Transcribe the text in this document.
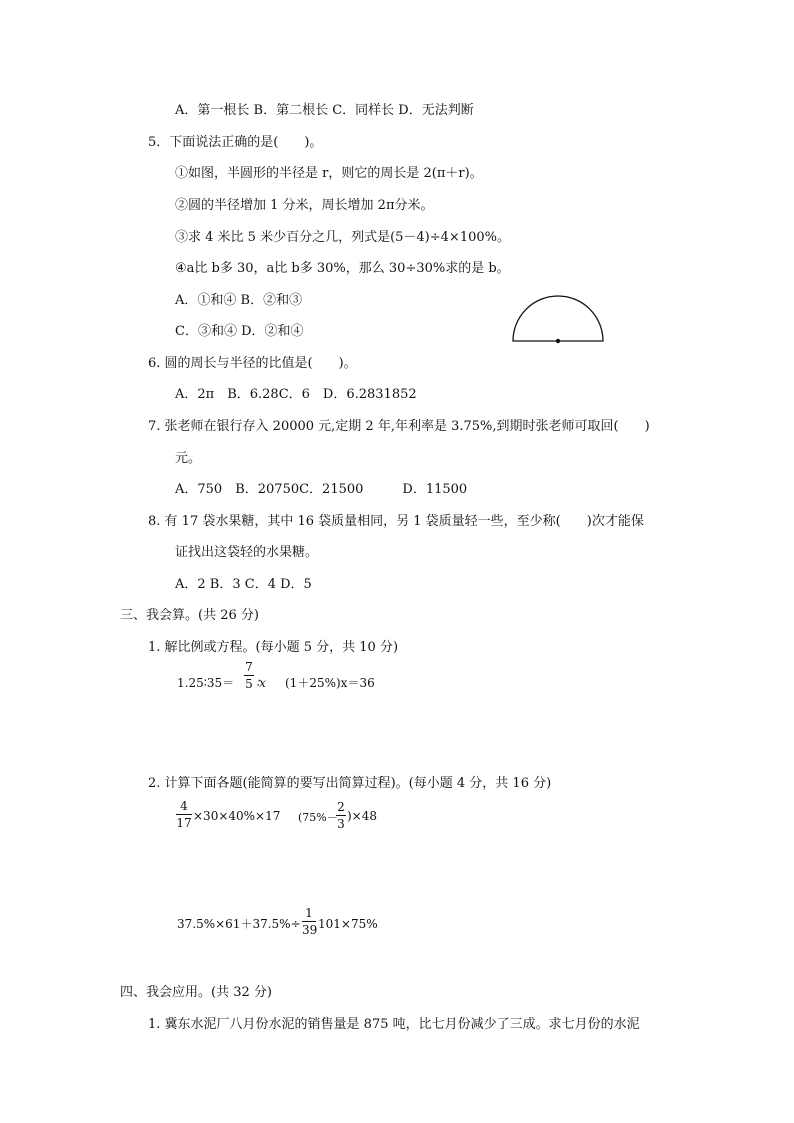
A．第一根长 B．第二根长 C．同样长 D．无法判断
5．下面说法正确的是(　　)。
①如图，半圆形的半径是 r，则它的周长是 2(π＋r)。
②圆的半径增加 1 分米，周长增加 2π分米。
③求 4 米比 5 米少百分之几，列式是(5－4)÷4×100%。
④a比 b多 30，a比 b多 30%，那么 30÷30%求的是 b。
A．①和④ B．②和③
C．③和④ D．②和④
6. 圆的周长与半径的比值是(　　)。
A．2π　B．6.28C．6　D．6.2831852
7. 张老师在银行存入 20000 元,定期 2 年,年利率是 3.75%,到期时张老师可取回(　　)
元。
A．750　B．20750C．21500　　　D．11500
8. 有 17 袋水果糖，其中 16 袋质量相同，另 1 袋质量轻一些，至少称(　　)次才能保
证找出这袋轻的水果糖。
A．2 B．3 C．4 D．5
三、我会算。(共 26 分)
1. 解比例或方程。(每小题 5 分，共 10 分)
1.25∶35＝
7
5 ∶x (1＋25%)x＝36
2. 计算下面各题(能简算的要写出简算过程)。(每小题 4 分，共 16 分)
4
17 ×30×40%×17 (75%－
2
3
)×48
37.5%×61＋37.5%÷
1
39 101×75%
四、我会应用。(共 32 分)
1. 冀东水泥厂八月份水泥的销售量是 875 吨，比七月份减少了三成。求七月份的水泥
